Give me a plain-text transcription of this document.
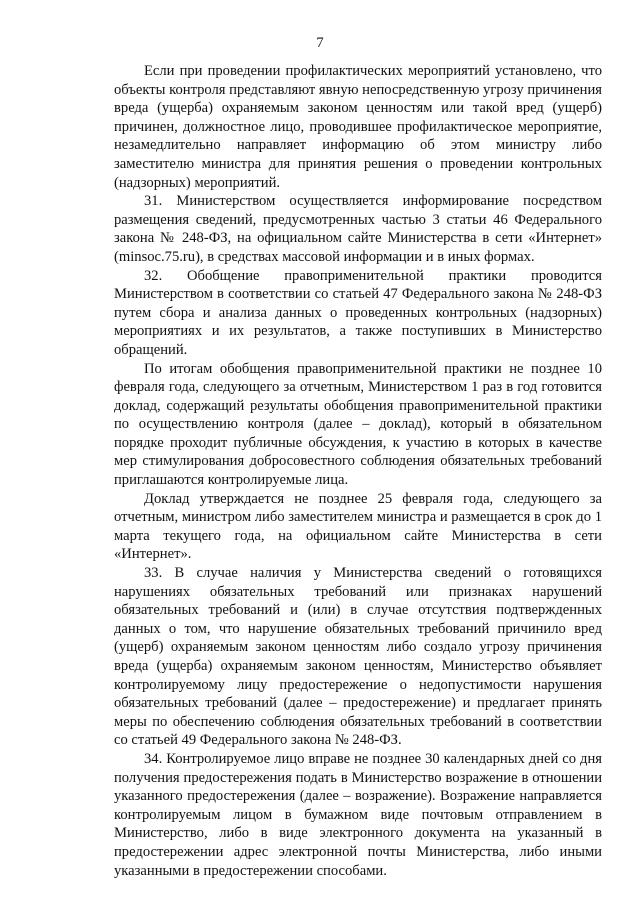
7

Если при проведении профилактических мероприятий установлено, что объекты контроля представляют явную непосредственную угрозу причинения вреда (ущерба) охраняемым законом ценностям или такой вред (ущерб) причинен, должностное лицо, проводившее профилактическое мероприятие, незамедлительно направляет информацию об этом министру либо заместителю министра для принятия решения о проведении контрольных (надзорных) мероприятий.

31. Министерством осуществляется информирование посредством размещения сведений, предусмотренных частью 3 статьи 46 Федерального закона № 248-ФЗ, на официальном сайте Министерства в сети «Интернет» (minsoc.75.ru), в средствах массовой информации и в иных формах.

32. Обобщение правоприменительной практики проводится Министерством в соответствии со статьей 47 Федерального закона № 248-ФЗ путем сбора и анализа данных о проведенных контрольных (надзорных) мероприятиях и их результатов, а также поступивших в Министерство обращений.

По итогам обобщения правоприменительной практики не позднее 10 февраля года, следующего за отчетным, Министерством 1 раз в год готовится доклад, содержащий результаты обобщения правоприменительной практики по осуществлению контроля (далее – доклад), который в обязательном порядке проходит публичные обсуждения, к участию в которых в качестве мер стимулирования добросовестного соблюдения обязательных требований приглашаются контролируемые лица.

Доклад утверждается не позднее 25 февраля года, следующего за отчетным, министром либо заместителем министра и размещается в срок до 1 марта текущего года, на официальном сайте Министерства в сети «Интернет».

33. В случае наличия у Министерства сведений о готовящихся нарушениях обязательных требований или признаках нарушений обязательных требований и (или) в случае отсутствия подтвержденных данных о том, что нарушение обязательных требований причинило вред (ущерб) охраняемым законом ценностям либо создало угрозу причинения вреда (ущерба) охраняемым законом ценностям, Министерство объявляет контролируемому лицу предостережение о недопустимости нарушения обязательных требований (далее – предостережение) и предлагает принять меры по обеспечению соблюдения обязательных требований в соответствии со статьей 49 Федерального закона № 248-ФЗ.

34. Контролируемое лицо вправе не позднее 30 календарных дней со дня получения предостережения подать в Министерство возражение в отношении указанного предостережения (далее – возражение). Возражение направляется контролируемым лицом в бумажном виде почтовым отправлением в Министерство, либо в виде электронного документа на указанный в предостережении адрес электронной почты Министерства, либо иными указанными в предостережении способами.
